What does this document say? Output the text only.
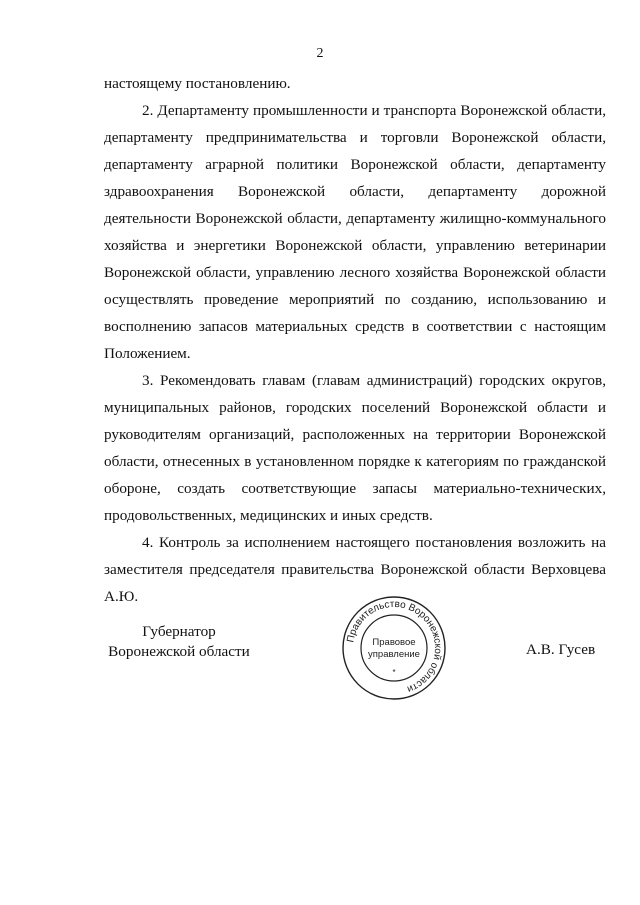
2

настоящему постановлению.

2. Департаменту промышленности и транспорта Воронежской области, департаменту предпринимательства и торговли Воронежской области, департаменту аграрной политики Воронежской области, департаменту здравоохранения Воронежской области, департаменту дорожной деятельности Воронежской области, департаменту жилищно-коммунального хозяйства и энергетики Воронежской области, управлению ветеринарии Воронежской области, управлению лесного хозяйства Воронежской области осуществлять проведение мероприятий по созданию, использованию и восполнению запасов материальных средств в соответствии с настоящим Положением.

3. Рекомендовать главам (главам администраций) городских округов, муниципальных районов, городских поселений Воронежской области и руководителям организаций, расположенных на территории Воронежской области, отнесенных в установленном порядке к категориям по гражданской обороне, создать соответствующие запасы материально-технических, продовольственных, медицинских и иных средств.

4. Контроль за исполнением настоящего постановления возложить на заместителя председателя правительства Воронежской области Верховцева А.Ю.

Губернатор
Воронежской области	А.В. Гусев
Правительство Воронежской области
Правовое
управление
*
